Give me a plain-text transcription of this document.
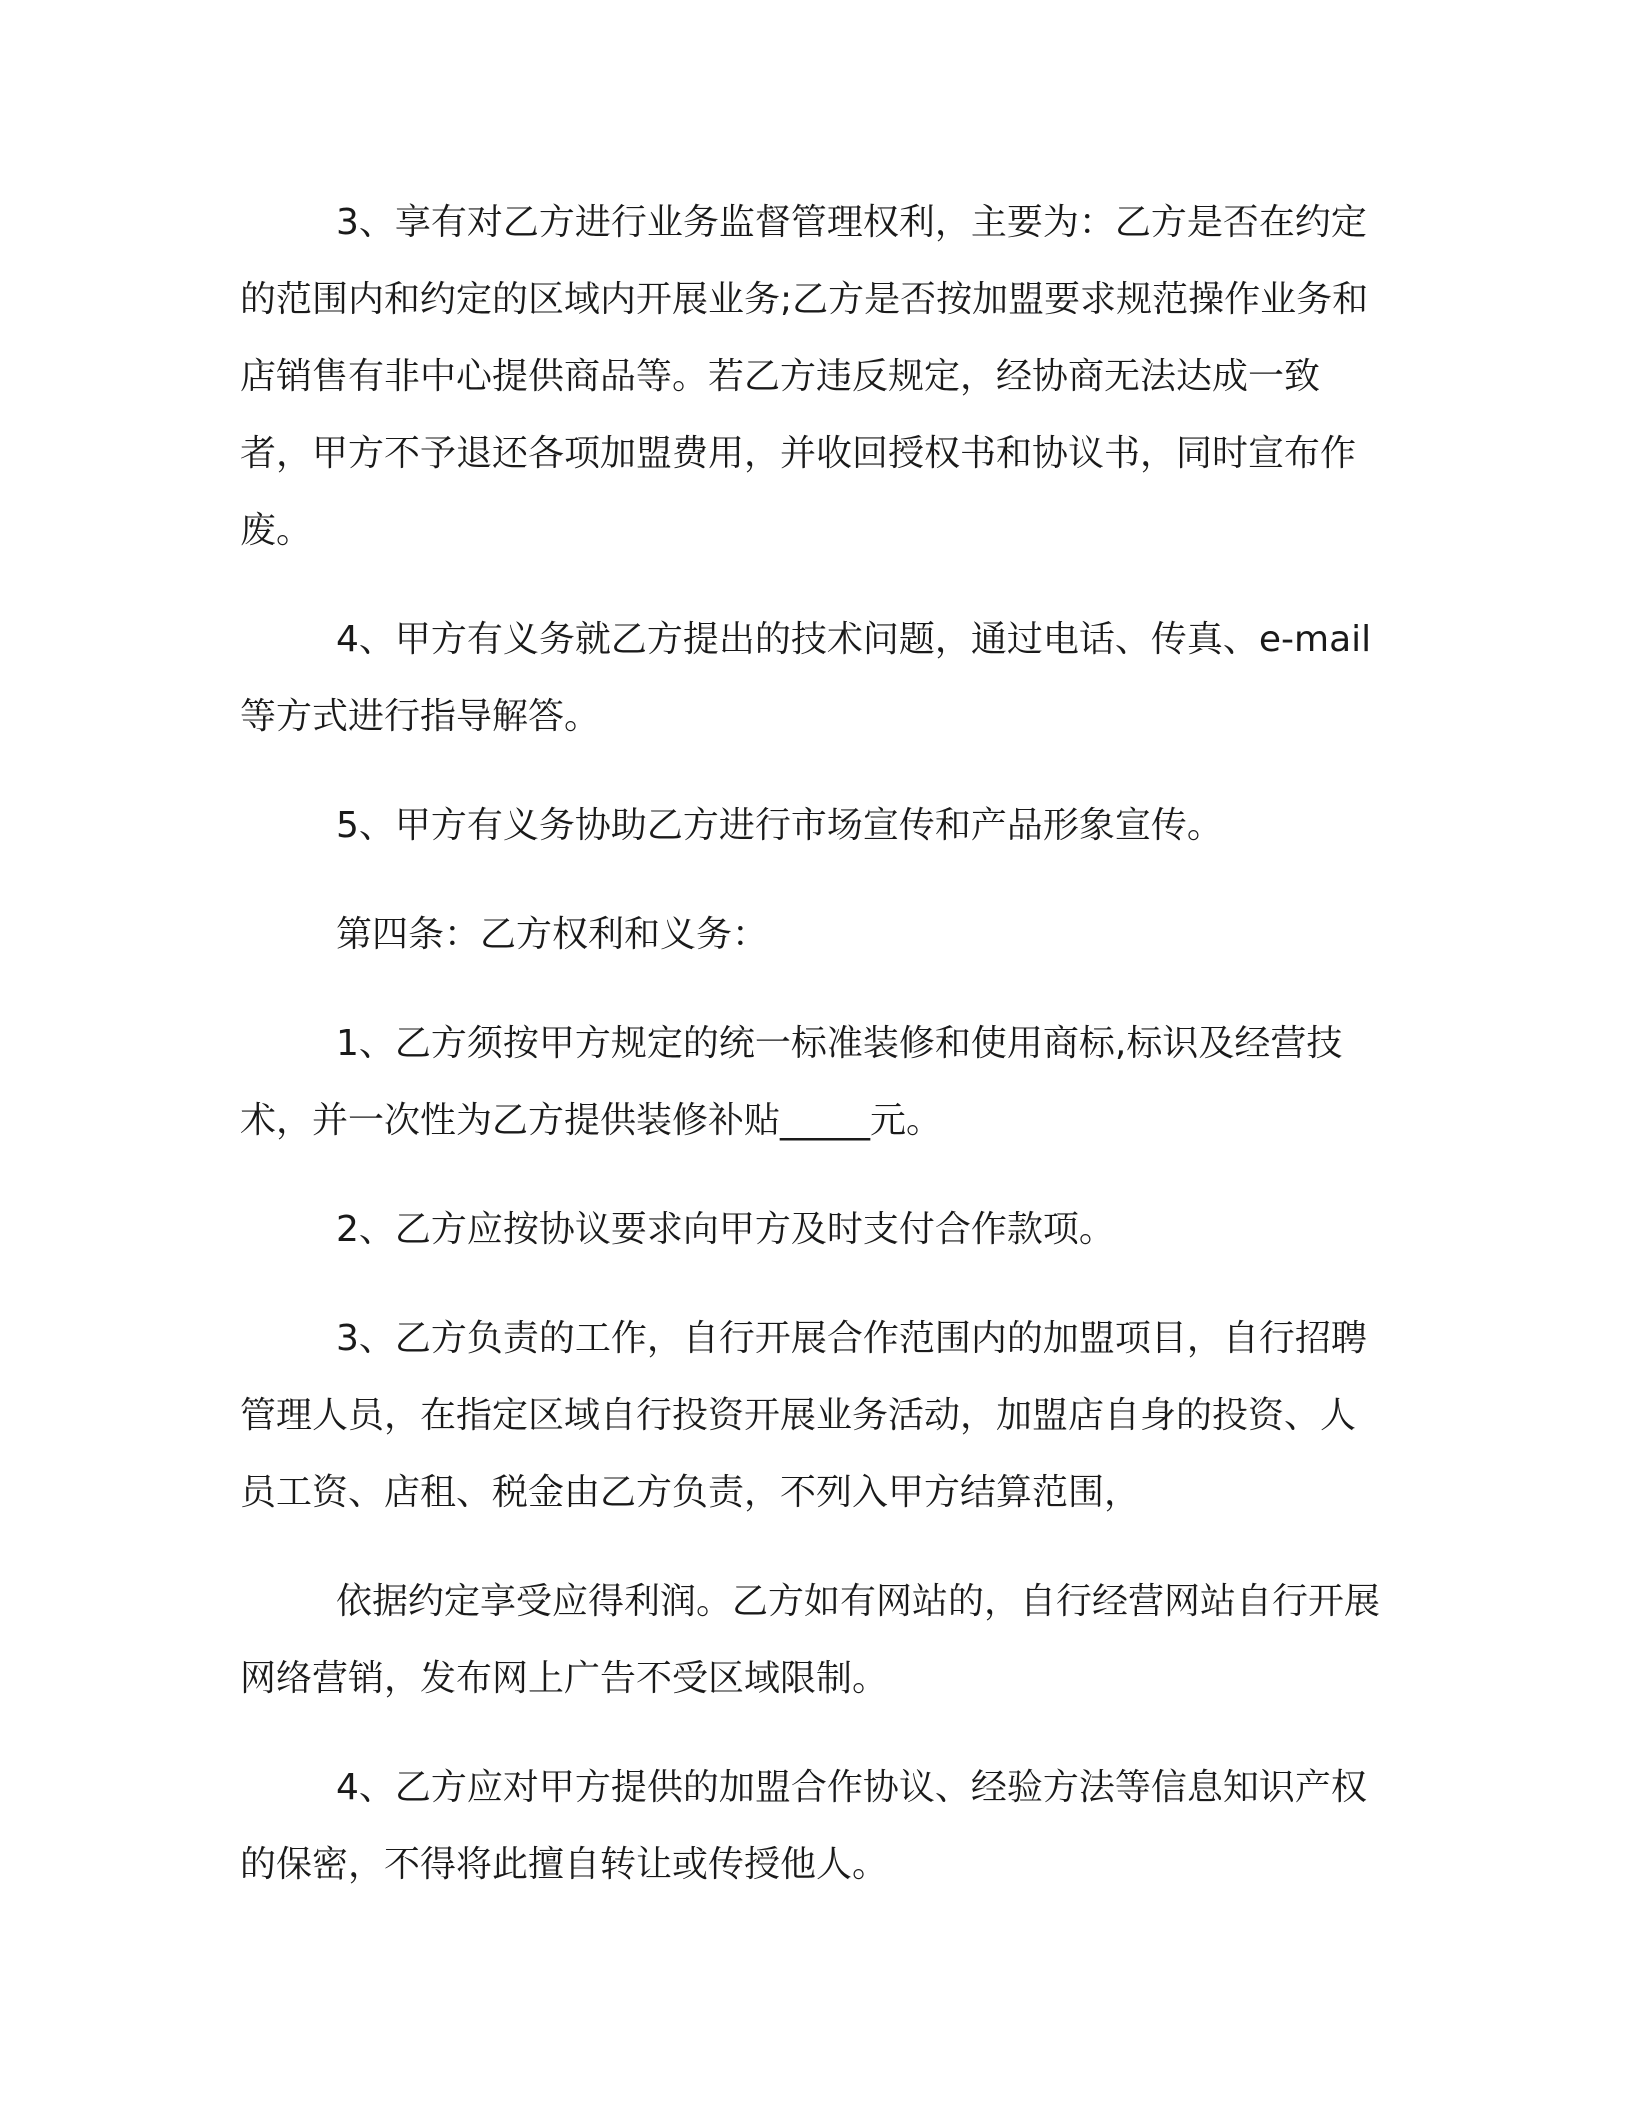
3、享有对乙方进行业务监督管理权利，主要为：乙方是否在约定的范围内和约定的区域内开展业务;乙方是否按加盟要求规范操作业务和店销售有非中心提供商品等。若乙方违反规定，经协商无法达成一致者，甲方不予退还各项加盟费用，并收回授权书和协议书，同时宣布作废。

4、甲方有义务就乙方提出的技术问题，通过电话、传真、e-mail 等方式进行指导解答。

5、甲方有义务协助乙方进行市场宣传和产品形象宣传。

第四条：乙方权利和义务：

1、乙方须按甲方规定的统一标准装修和使用商标,标识及经营技术，并一次性为乙方提供装修补贴_____元。

2、乙方应按协议要求向甲方及时支付合作款项。

3、乙方负责的工作，自行开展合作范围内的加盟项目，自行招聘管理人员，在指定区域自行投资开展业务活动，加盟店自身的投资、人员工资、店租、税金由乙方负责，不列入甲方结算范围，

依据约定享受应得利润。乙方如有网站的，自行经营网站自行开展网络营销，发布网上广告不受区域限制。

4、乙方应对甲方提供的加盟合作协议、经验方法等信息知识产权的保密，不得将此擅自转让或传授他人。
